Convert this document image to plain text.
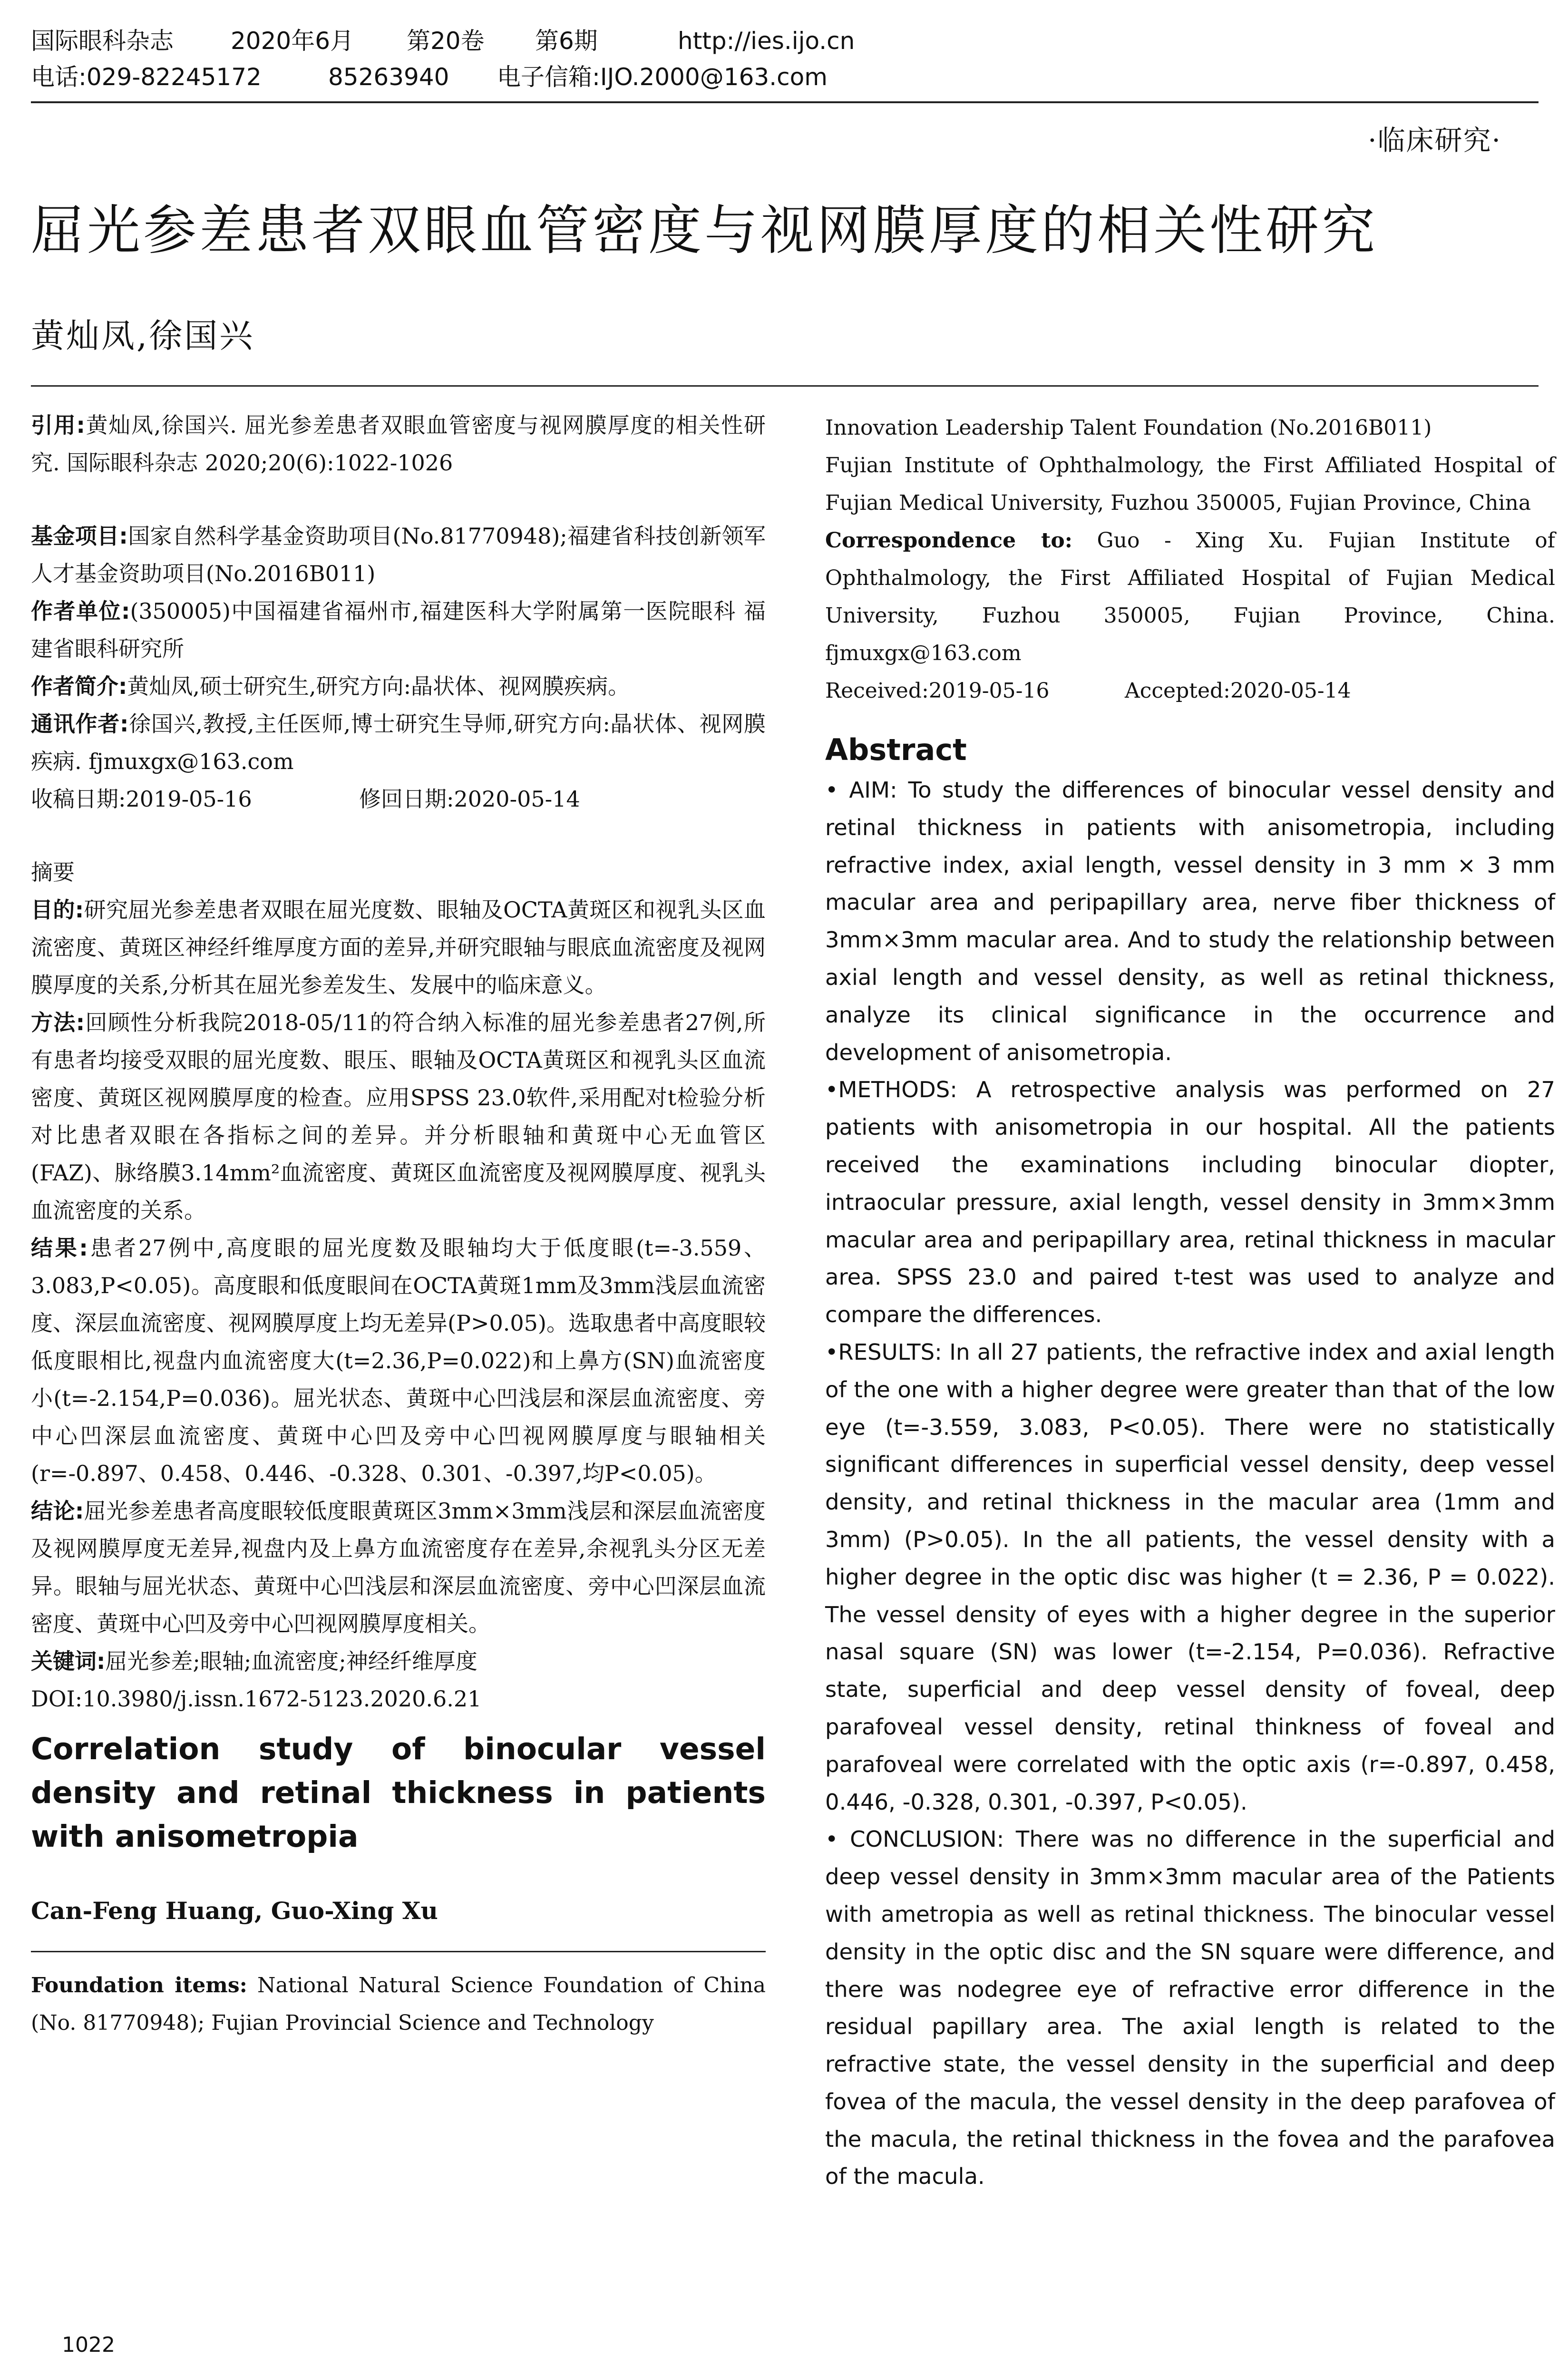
国际眼科杂志	2020年6月	第20卷	第6期	http://ies.ijo.cn
电话:029-82245172	85263940	电子信箱:IJO.2000@163.com
·临床研究·
屈光参差患者双眼血管密度与视网膜厚度的相关性研究
黄灿凤,徐国兴

引用:黄灿凤,徐国兴. 屈光参差患者双眼血管密度与视网膜厚度的相关性研究. 国际眼科杂志 2020;20(6):1022-1026

基金项目:国家自然科学基金资助项目(No.81770948);福建省科技创新领军人才基金资助项目(No.2016B011)

作者单位:(350005)中国福建省福州市,福建医科大学附属第一医院眼科 福建省眼科研究所

作者简介:黄灿凤,硕士研究生,研究方向:晶状体、视网膜疾病。

通讯作者:徐国兴,教授,主任医师,博士研究生导师,研究方向:晶状体、视网膜疾病. fjmuxgx@163.com

收稿日期:2019-05-16	修回日期:2020-05-14

摘要

目的:研究屈光参差患者双眼在屈光度数、眼轴及OCTA黄斑区和视乳头区血流密度、黄斑区神经纤维厚度方面的差异,并研究眼轴与眼底血流密度及视网膜厚度的关系,分析其在屈光参差发生、发展中的临床意义。

方法:回顾性分析我院2018-05/11的符合纳入标准的屈光参差患者27例,所有患者均接受双眼的屈光度数、眼压、眼轴及OCTA黄斑区和视乳头区血流密度、黄斑区视网膜厚度的检查。应用SPSS 23.0软件,采用配对t检验分析对比患者双眼在各指标之间的差异。并分析眼轴和黄斑中心无血管区(FAZ)、脉络膜3.14mm²血流密度、黄斑区血流密度及视网膜厚度、视乳头血流密度的关系。

结果:患者27例中,高度眼的屈光度数及眼轴均大于低度眼(t=-3.559、3.083,P<0.05)。高度眼和低度眼间在OCTA黄斑1mm及3mm浅层血流密度、深层血流密度、视网膜厚度上均无差异(P>0.05)。选取患者中高度眼较低度眼相比,视盘内血流密度大(t=2.36,P=0.022)和上鼻方(SN)血流密度小(t=-2.154,P=0.036)。屈光状态、黄斑中心凹浅层和深层血流密度、旁中心凹深层血流密度、黄斑中心凹及旁中心凹视网膜厚度与眼轴相关(r=-0.897、0.458、0.446、-0.328、0.301、-0.397,均P<0.05)。

结论:屈光参差患者高度眼较低度眼黄斑区3mm×3mm浅层和深层血流密度及视网膜厚度无差异,视盘内及上鼻方血流密度存在差异,余视乳头分区无差异。眼轴与屈光状态、黄斑中心凹浅层和深层血流密度、旁中心凹深层血流密度、黄斑中心凹及旁中心凹视网膜厚度相关。

关键词:屈光参差;眼轴;血流密度;神经纤维厚度

DOI:10.3980/j.issn.1672-5123.2020.6.21

Correlation study of binocular vessel density and retinal thickness in patients with anisometropia
Can-Feng Huang, Guo-Xing Xu

Foundation items: National Natural Science Foundation of China (No. 81770948); Fujian Provincial Science and Technology

Innovation Leadership Talent Foundation (No.2016B011)

Fujian Institute of Ophthalmology, the First Affiliated Hospital of Fujian Medical University, Fuzhou 350005, Fujian Province, China

Correspondence to: Guo - Xing Xu. Fujian Institute of Ophthalmology, the First Affiliated Hospital of Fujian Medical University, Fuzhou 350005, Fujian Province, China. fjmuxgx@163.com

Received:2019-05-16	Accepted:2020-05-14

Abstract

• AIM: To study the differences of binocular vessel density and retinal thickness in patients with anisometropia, including refractive index, axial length, vessel density in 3 mm × 3 mm macular area and peripapillary area, nerve fiber thickness of 3mm×3mm macular area. And to study the relationship between axial length and vessel density, as well as retinal thickness, analyze its clinical significance in the occurrence and development of anisometropia.

•METHODS: A retrospective analysis was performed on 27 patients with anisometropia in our hospital. All the patients received the examinations including binocular diopter, intraocular pressure, axial length, vessel density in 3mm×3mm macular area and peripapillary area, retinal thickness in macular area. SPSS 23.0 and paired t-test was used to analyze and compare the differences.

•RESULTS: In all 27 patients, the refractive index and axial length of the one with a higher degree were greater than that of the low eye (t=-3.559, 3.083, P<0.05). There were no statistically significant differences in superficial vessel density, deep vessel density, and retinal thickness in the macular area (1mm and 3mm) (P>0.05). In the all patients, the vessel density with a higher degree in the optic disc was higher (t = 2.36, P = 0.022). The vessel density of eyes with a higher degree in the superior nasal square (SN) was lower (t=-2.154, P=0.036). Refractive state, superficial and deep vessel density of foveal, deep parafoveal vessel density, retinal thinkness of foveal and parafoveal were correlated with the optic axis (r=-0.897, 0.458, 0.446, -0.328, 0.301, -0.397, P<0.05).

• CONCLUSION: There was no difference in the superficial and deep vessel density in 3mm×3mm macular area of the Patients with ametropia as well as retinal thickness. The binocular vessel density in the optic disc and the SN square were difference, and there was nodegree eye of refractive error difference in the residual papillary area. The axial length is related to the refractive state, the vessel density in the superficial and deep fovea of the macula, the vessel density in the deep parafovea of the macula, the retinal thickness in the fovea and the parafovea of the macula.

1022
